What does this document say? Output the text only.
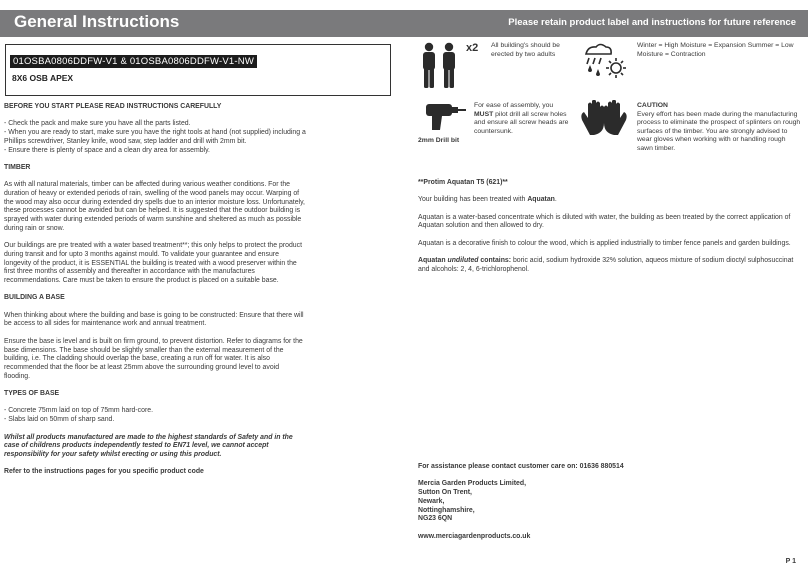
General Instructions	Please retain product label and instructions for future reference
01OSBA0806DDFW-V1 & 01OSBA0806DDFW-V1-NW
8X6 OSB APEX
BEFORE YOU START PLEASE READ INSTRUCTIONS CAREFULLY
- Check the pack and make sure you have all the parts listed.
- When you are ready to start, make sure you have the right tools at hand (not supplied) including a Phillips screwdriver, Stanley knife, wood saw, step ladder and drill with 2mm bit.
- Ensure there is plenty of space and a clean dry area for assembly.
TIMBER

As with all natural materials, timber can be affected during various weather conditions. For the duration of heavy or extended periods of rain, swelling of the wood panels may occur. Warping of the wood may also occur during extended dry spells due to an interior moisture loss. Unfortunately, these processes cannot be avoided but can be helped. It is suggested that the outdoor building is sprayed with water during extended periods of warm sunshine and sheltered as much as possible during rain or snow.

Our buildings are pre treated with a water based treatment**; this only helps to protect the product during transit and for upto 3 months against mould. To validate your guarantee and ensure longevity of the product, it is ESSENTIAL the building is treated with a wood preserver within the first three months of assembly and thereafter in accordance with the manufactures recommendations. Care must be taken to ensure the product is placed on a suitable base.

BUILDING A BASE

When thinking about where the building and base is going to be constructed: Ensure that there will be access to all sides for maintenance work and annual treatment.

Ensure the base is level and is built on firm ground, to prevent distortion. Refer to diagrams for the base dimensions. The base should be slightly smaller than the external measurement of the building, i.e. The cladding should overlap the base, creating a run off for water. It is also recommended that the floor be at least 25mm above the surrounding ground level to avoid flooding.

TYPES OF BASE
- Concrete 75mm laid on top of 75mm hard-core.
- Slabs laid on 50mm of sharp sand.

Whilst all products manufactured are made to the highest standards of Safety and in the case of childrens products independently tested to EN71 level, we cannot accept responsibility for your safety whilst erecting or using this product.

Refer to the instructions pages for you specific product code

x2 All building's should be erected by two adults
Winter = High Moisture = Expansion Summer = Low Moisture = Contraction
2mm Drill bit
For ease of assembly, you MUST pilot drill all screw holes and ensure all screw heads are countersunk.
CAUTION
Every effort has been made during the manufacturing process to eliminate the prospect of splinters on rough surfaces of the timber. You are strongly advised to wear gloves when working with or handling rough sawn timber.

**Protim Aquatan T5 (621)**

Your building has been treated with Aquatan.

Aquatan is a water-based concentrate which is diluted with water, the building as been treated by the correct application of Aquatan solution and then allowed to dry.

Aquatan is a decorative finish to colour the wood, which is applied industrially to timber fence panels and garden buildings.

Aquatan undiluted contains: boric acid, sodium hydroxide 32% solution, aqueos mixture of sodium dioctyl sulphosuccinat and alcohols: 2, 4, 6-trichlorophenol.

For assistance please contact customer care on: 01636 880514

Mercia Garden Products Limited,
Sutton On Trent,
Newark,
Nottinghamshire,
NG23 6QN
www.merciagardenproducts.co.uk
P 1
